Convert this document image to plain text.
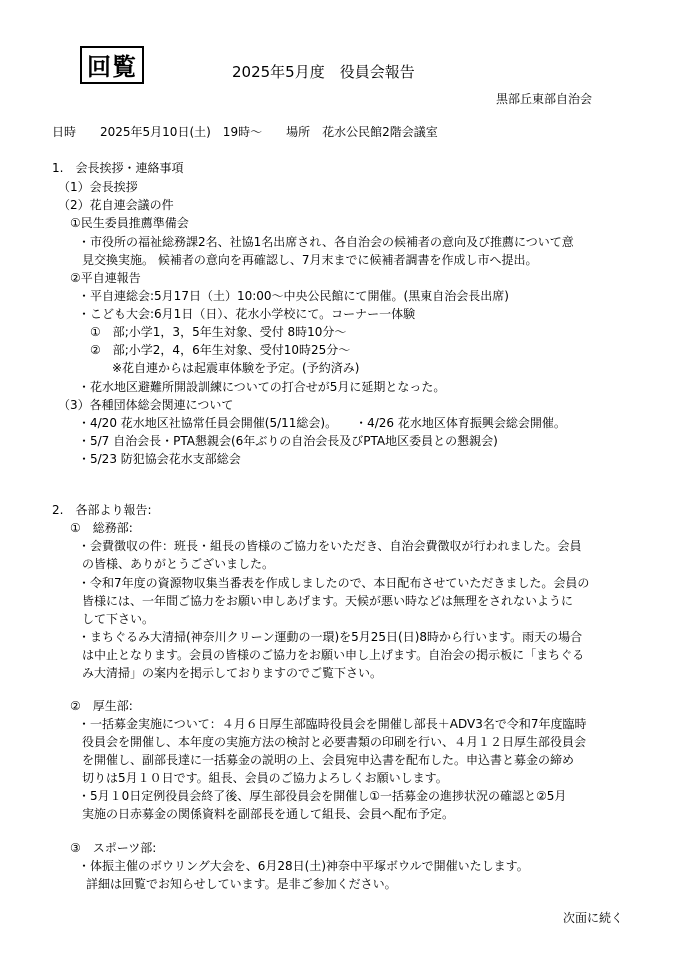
回覧	2025年5月度　役員会報告
黒部丘東部自治会
日時　　2025年5月10日(土)　19時～　　場所　花水公民館2階会議室
1.　会長挨拶・連絡事項
（1）会長挨拶
（2）花自連会議の件
①民生委員推薦準備会
・市役所の福祉総務課2名、社協1名出席され、各自治会の候補者の意向及び推薦について意
見交換実施。 候補者の意向を再確認し、7月末までに候補者調書を作成し市へ提出。
②平自連報告
・平自連総会:5月17日（土）10:00～中央公民館にて開催。(黒東自治会長出席)
・こども大会:6月1日（日）、花水小学校にて。コーナー一体験
①　部;小学1，3，5年生対象、受付 8時10分～
②　部;小学2，4，6年生対象、受付10時25分～
※花自連からは起震車体験を予定。(予約済み)
・花水地区避難所開設訓練についての打合せが5月に延期となった。
（3）各種団体総会関連について
・4/20 花水地区社協常任員会開催(5/11総会)。　　・4/26 花水地区体育振興会総会開催。
・5/7 自治会長・PTA懇親会(6年ぶりの自治会長及びPTA地区委員との懇親会)
・5/23 防犯協会花水支部総会
2.　各部より報告:
①　総務部:
・会費徴収の件：班長・組長の皆様のご協力をいただき、自治会費徴収が行われました。会員
の皆様、ありがとうございました。
・令和7年度の資源物収集当番表を作成しましたので、本日配布させていただきました。会員の
皆様には、一年間ご協力をお願い申しあげます。天候が悪い時などは無理をされないように
して下さい。
・まちぐるみ大清掃(神奈川クリーン運動の一環)を5月25日(日)8時から行います。雨天の場合
は中止となります。会員の皆様のご協力をお願い申し上げます。自治会の掲示板に「まちぐる
み大清掃」の案内を掲示しておりますのでご覧下さい。
②　厚生部:
・一括募金実施について：４月６日厚生部臨時役員会を開催し部長＋ADV3名で令和7年度臨時
役員会を開催し、本年度の実施方法の検討と必要書類の印刷を行い、４月１２日厚生部役員会
を開催し、副部長達に一括募金の説明の上、会員宛申込書を配布した。申込書と募金の締め
切りは5月１０日です。組長、会員のご協力よろしくお願いします。
・5月１0日定例役員会終了後、厚生部役員会を開催し①一括募金の進捗状況の確認と②5月
実施の日赤募金の関係資料を副部長を通して組長、会員へ配布予定。
③　スポーツ部:
・体振主催のボウリング大会を、6月28日(土)神奈中平塚ボウルで開催いたします。
詳細は回覧でお知らせしています。是非ご参加ください。
次面に続く
